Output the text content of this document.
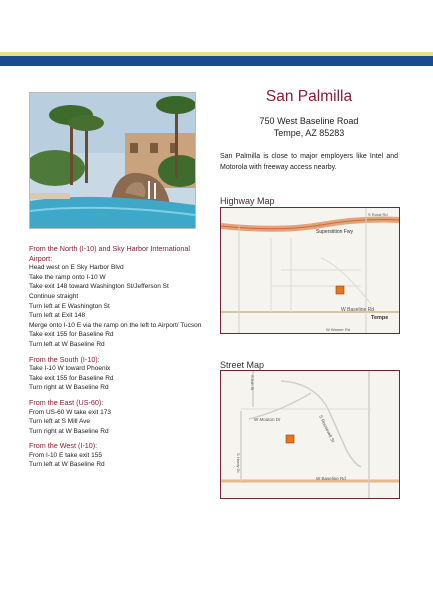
San Palmilla
750 West Baseline Road
Tempe, AZ 85283
San Palmilla is close to major employers like Intel and Motorola with freeway access nearby.
Highway Map
Superstition Fwy
W Baseline Rd
Tempe
W Warner Rd
S Rural Rd
Street Map
W Mouton Dr
W Baseline Rd
S Roosevelt St
S Ash St
S Hardy Dr
From the North (I-10) and Sky Harbor International Airport:
Head west on E Sky Harbor Blvd
Take the ramp onto I-10 W
Take exit 148 toward Washington St/Jefferson St
Continue straight
Turn left at E Washington St
Turn left at Exit 148
Merge onto I-10 E via the ramp on the left to Airport/ Tucson
Take exit 155 for Baseline Rd
Turn left at W Baseline Rd
From the South (I-10):
Take I-10 W toward Phoenix
Take exit 155 for Baseline Rd
Turn right at W Baseline Rd
From the East (US-60):
From US-60 W take exit 173
Turn left at S Mill Ave
Turn right at W Baseline Rd
From the West (I-10):
From I-10 E take exit 155
Turn left at W Baseline Rd
